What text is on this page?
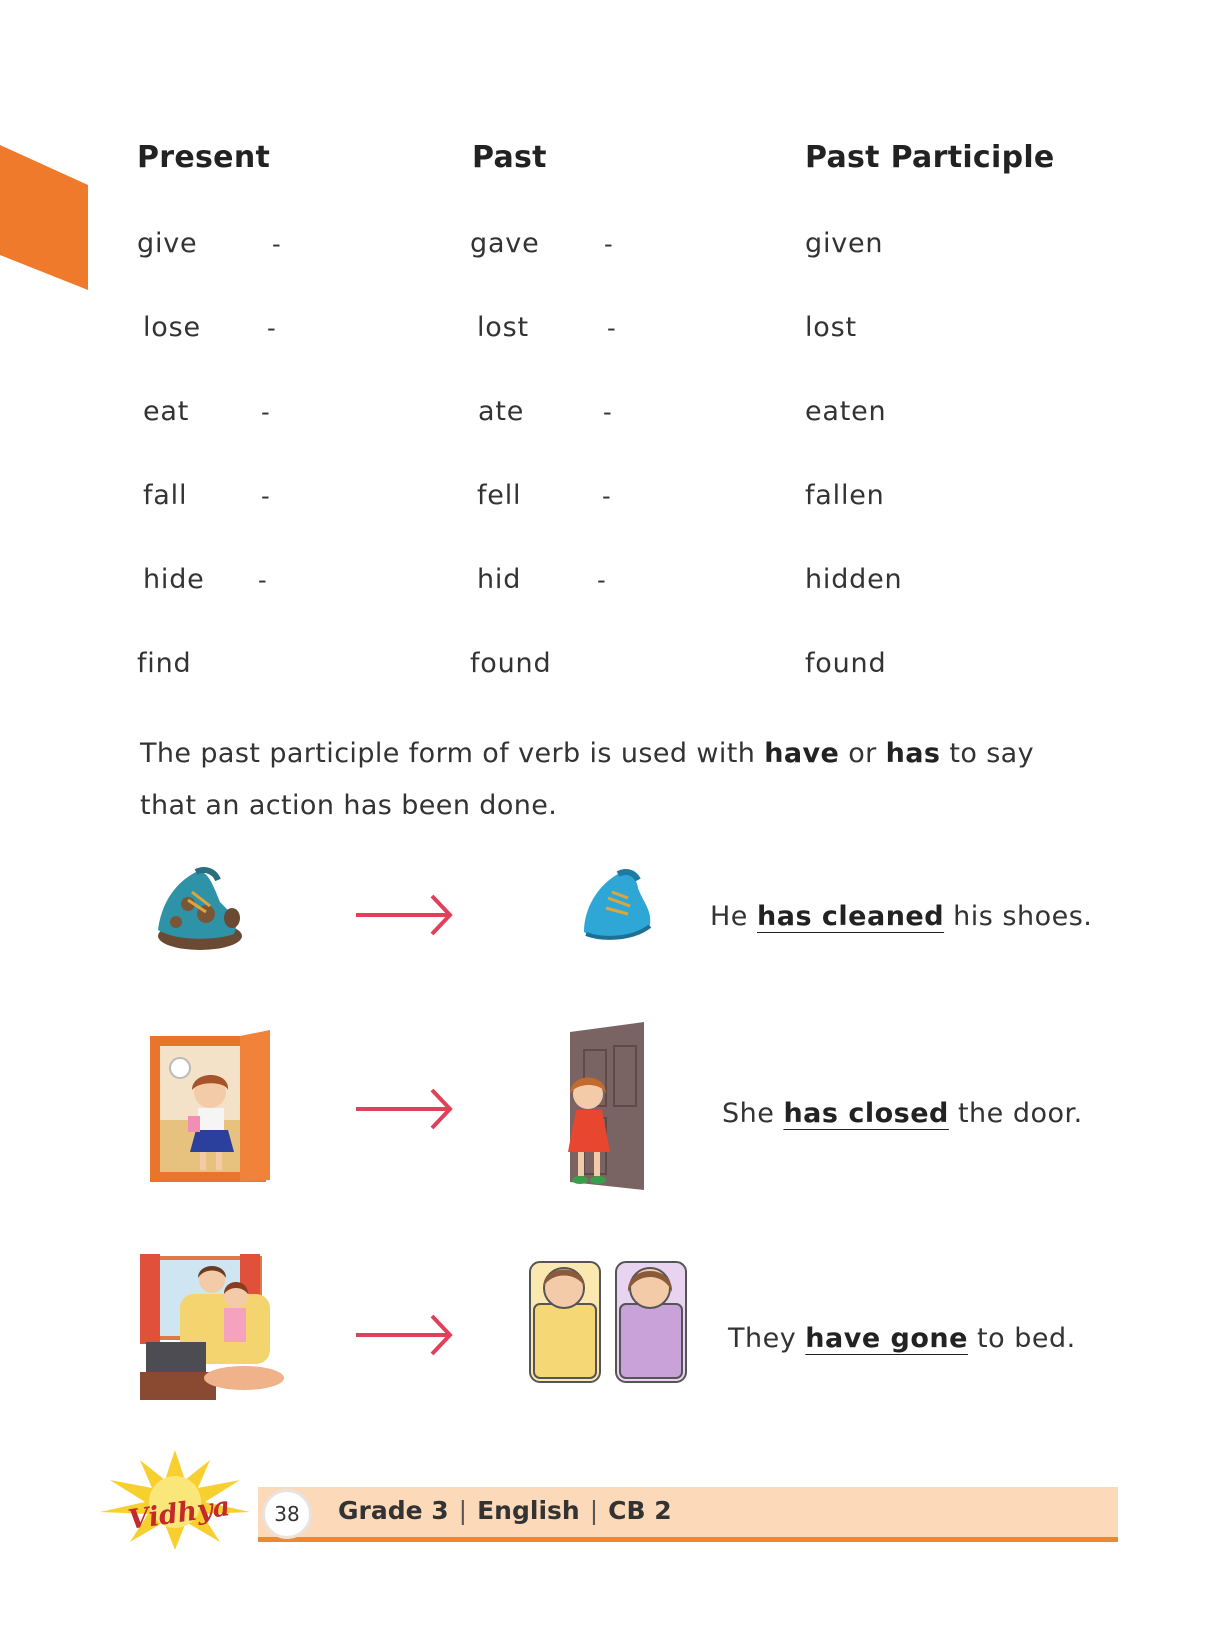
Present	Past	Past Participle
give	-	gave	-	given
lose	-	lost	-	lost
eat	-	ate	-	eaten
fall	-	fell	-	fallen
hide -	hid	-	hidden
find	found	found
The past participle form of verb is used with have or has to say that an action has been done.
He has cleaned his shoes.
She has closed the door.
They have gone to bed.
Vidhya	38	Grade 3 | English | CB 2
